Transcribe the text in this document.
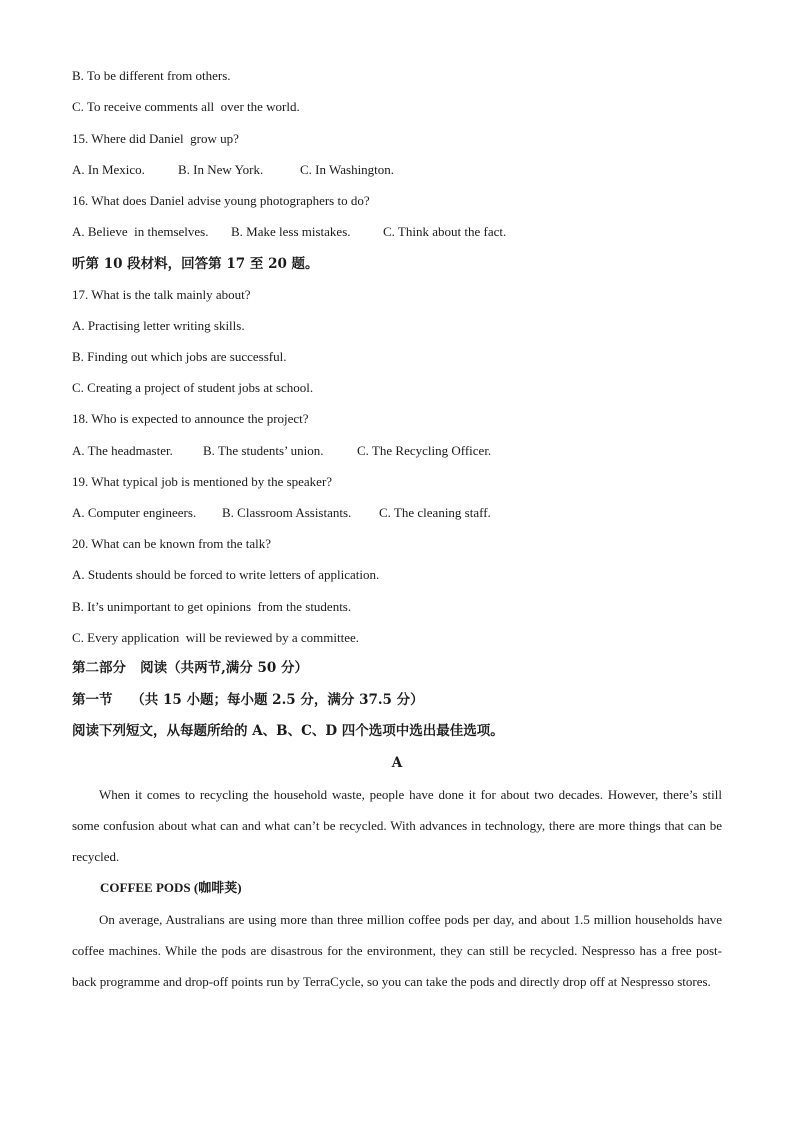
B. To be different from others.
C. To receive comments all  over the world.
15. Where did Daniel  grow up?
A. In Mexico.	B. In New York.	C. In Washington.
16. What does Daniel advise young photographers to do?
A. Believe  in themselves. B. Make less mistakes. C. Think about the fact.
听第 10 段材料，回答第 17 至 20 题。
17. What is the talk mainly about?
A. Practising letter writing skills.
B. Finding out which jobs are successful.
C. Creating a project of student jobs at school.
18. Who is expected to announce the project?
A. The headmaster. B. The students’ union.	C. The Recycling Officer.
19. What typical job is mentioned by the speaker?
A. Computer engineers. B. Classroom Assistants. C. The cleaning staff.
20. What can be known from the talk?
A. Students should be forced to write letters of application.
B. It’s unimportant to get opinions  from the students.
C. Every application  will be reviewed by a committee.
第二部分   阅读（共两节,满分 50 分）
第一节    （共 15 小题；每小题 2.5 分，满分 37.5 分）
阅读下列短文，从每题所给的 A、B、C、D 四个选项中选出最佳选项。
A

When it comes to recycling the household waste, people have done it for about two decades. However, there’s still some confusion about what can and what can’t be recycled. With advances in technology, there are more things that can be recycled.

COFFEE PODS (咖啡荚)

On average, Australians are using more than three million coffee pods per day, and about 1.5 million households have coffee machines. While the pods are disastrous for the environment, they can still be recycled. Nespresso has a free post-back programme and drop-off points run by TerraCycle, so you can take the pods and directly drop off at Nespresso stores.
